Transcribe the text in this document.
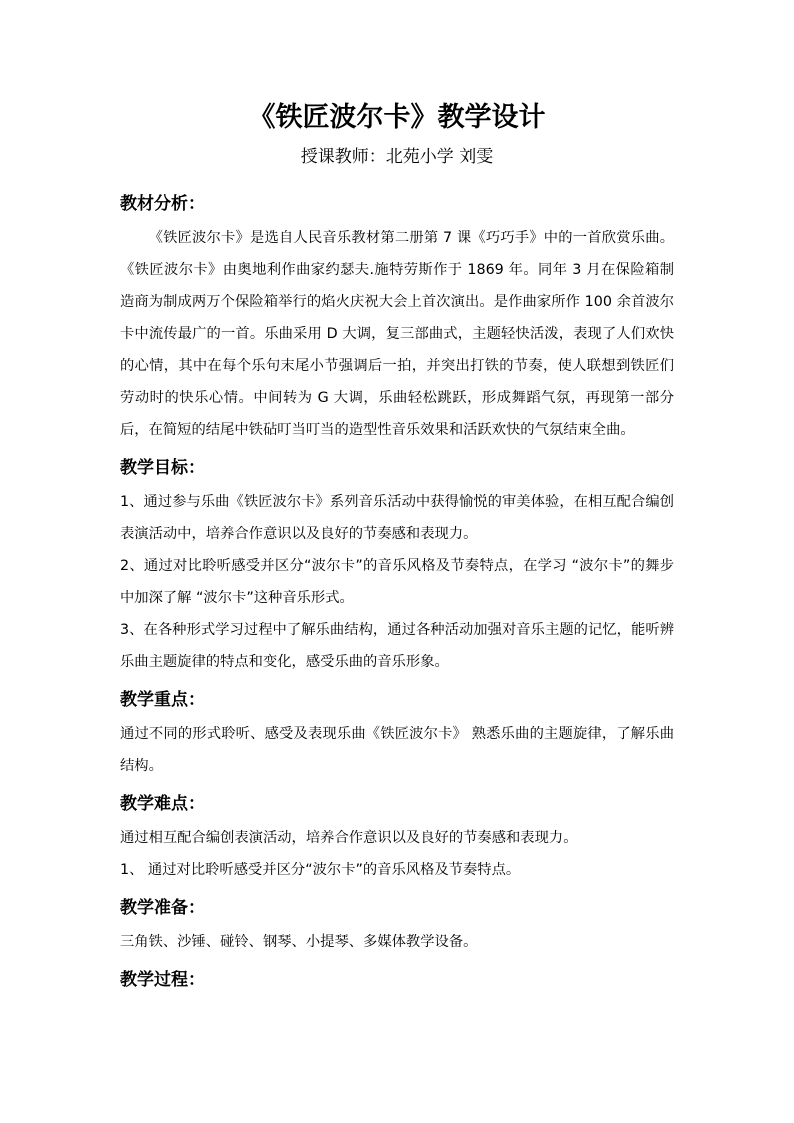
《铁匠波尔卡》教学设计
授课教师：北苑小学 刘雯
教材分析：

《铁匠波尔卡》是选自人民音乐教材第二册第 7 课《巧巧手》中的一首欣赏乐曲。《铁匠波尔卡》由奥地利作曲家约瑟夫.施特劳斯作于 1869 年。同年 3 月在保险箱制造商为制成两万个保险箱举行的焰火庆祝大会上首次演出。是作曲家所作 100 余首波尔卡中流传最广的一首。乐曲采用 D 大调，复三部曲式，主题轻快活泼，表现了人们欢快的心情，其中在每个乐句末尾小节强调后一拍，并突出打铁的节奏，使人联想到铁匠们劳动时的快乐心情。中间转为 G 大调，乐曲轻松跳跃，形成舞蹈气氛，再现第一部分后，在简短的结尾中铁砧叮当叮当的造型性音乐效果和活跃欢快的气氛结束全曲。

教学目标：

1、通过参与乐曲《铁匠波尔卡》系列音乐活动中获得愉悦的审美体验，在相互配合编创表演活动中，培养合作意识以及良好的节奏感和表现力。

2、通过对比聆听感受并区分“波尔卡”的音乐风格及节奏特点，在学习 “波尔卡”的舞步中加深了解 “波尔卡”这种音乐形式。

3、在各种形式学习过程中了解乐曲结构，通过各种活动加强对音乐主题的记忆，能听辨乐曲主题旋律的特点和变化，感受乐曲的音乐形象。

教学重点：

通过不同的形式聆听、感受及表现乐曲《铁匠波尔卡》 熟悉乐曲的主题旋律，了解乐曲结构。

教学难点：

通过相互配合编创表演活动，培养合作意识以及良好的节奏感和表现力。

1、 通过对比聆听感受并区分“波尔卡”的音乐风格及节奏特点。

教学准备：

三角铁、沙锤、碰铃、钢琴、小提琴、多媒体教学设备。

教学过程：
